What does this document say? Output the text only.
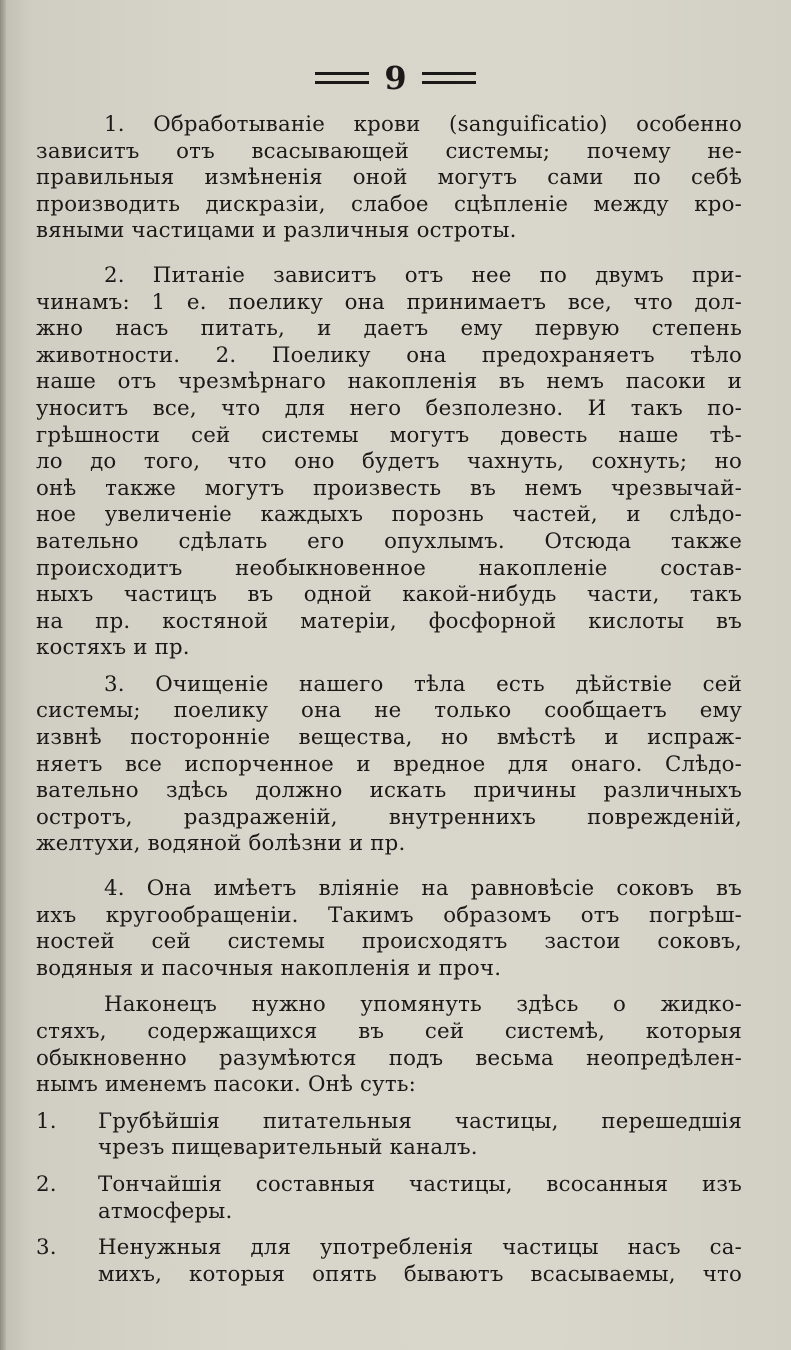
9
1. Обработываніе крови (sanguificatio) особенно
зависитъ отъ всасывающей системы; почему не-
правильныя измѣненія оной могутъ сами по себѣ
производить дискразіи, слабое сцѣпленіе между кро-
вяными частицами и различныя остроты.
2. Питаніе зависитъ отъ нее по двумъ при-
чинамъ: 1 е. поелику она принимаетъ все, что дол-
жно насъ питать, и даетъ ему первую степень
животности. 2. Поелику она предохраняетъ тѣло
наше отъ чрезмѣрнаго накопленія въ немъ пасоки и
уноситъ все, что для него безполезно. И такъ по-
грѣшности сей системы могутъ довесть наше тѣ-
ло до того, что оно будетъ чахнуть, сохнуть; но
онѣ также могутъ произвесть въ немъ чрезвычай-
ное увеличеніе каждыхъ порознь частей, и слѣдо-
вательно сдѣлать его опухлымъ. Отсюда также
происходитъ необыкновенное накопленіе состав-
ныхъ частицъ въ одной какой-нибудь части, такъ
на пр. костяной матеріи, фосфорной кислоты въ
костяхъ и пр.
3. Очищеніе нашего тѣла есть дѣйствіе сей
системы; поелику она не только сообщаетъ ему
извнѣ посторонніе вещества, но вмѣстѣ и испраж-
няетъ все испорченное и вредное для онаго. Слѣдо-
вательно здѣсь должно искать причины различныхъ
остротъ, раздраженій, внутреннихъ поврежденій,
желтухи, водяной болѣзни и пр.
4. Она имѣетъ вліяніе на равновѣсіе соковъ въ
ихъ кругообращеніи. Такимъ образомъ отъ погрѣш-
ностей сей системы происходятъ застои соковъ,
водяныя и пасочныя накопленія и проч.
Наконецъ нужно упомянуть здѣсь о жидко-
стяхъ, содержащихся въ сей системѣ, которыя
обыкновенно разумѣются подъ весьма неопредѣлен-
нымъ именемъ пасоки. Онѣ суть:
1.	Грубѣйшія питательныя частицы, перешедшія
чрезъ пищеварительный каналъ.
2.	Тончайшія составныя частицы, всосанныя изъ
атмосферы.
3.	Ненужныя для употребленія частицы насъ са-
михъ, которыя опять бываютъ всасываемы, что
